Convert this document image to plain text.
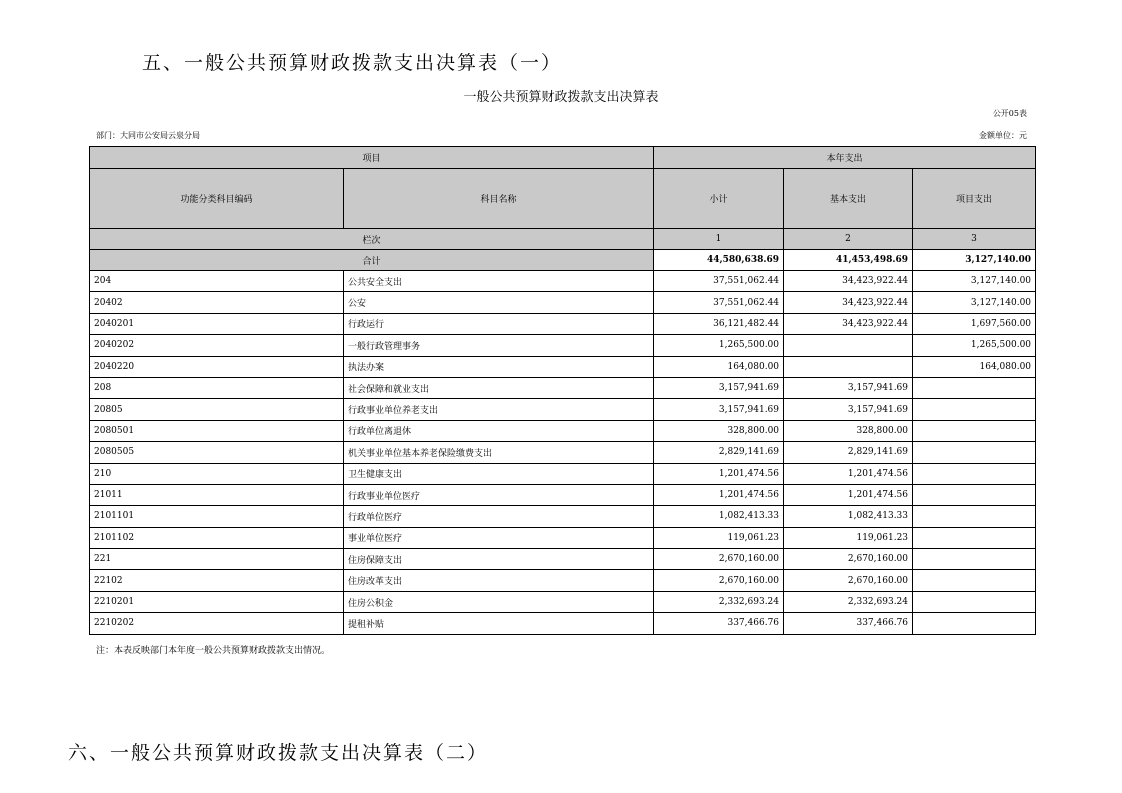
五、一般公共预算财政拨款支出决算表（一）
一般公共预算财政拨款支出决算表
公开05表
部门：大同市公安局云泉分局	金额单位：元
项目		本年支出		
功能分类科目编码	科目名称	小计	基本支出	项目支出
栏次		1	2	3
合计		44,580,638.69	41,453,498.69	3,127,140.00
204	公共安全支出	37,551,062.44	34,423,922.44	3,127,140.00
20402	公安	37,551,062.44	34,423,922.44	3,127,140.00
2040201	行政运行	36,121,482.44	34,423,922.44	1,697,560.00
2040202	一般行政管理事务	1,265,500.00		1,265,500.00
2040220	执法办案	164,080.00		164,080.00
208	社会保障和就业支出	3,157,941.69	3,157,941.69	
20805	行政事业单位养老支出	3,157,941.69	3,157,941.69	
2080501	行政单位离退休	328,800.00	328,800.00	
2080505	机关事业单位基本养老保险缴费支出	2,829,141.69	2,829,141.69	
210	卫生健康支出	1,201,474.56	1,201,474.56	
21011	行政事业单位医疗	1,201,474.56	1,201,474.56	
2101101	行政单位医疗	1,082,413.33	1,082,413.33	
2101102	事业单位医疗	119,061.23	119,061.23	
221	住房保障支出	2,670,160.00	2,670,160.00	
22102	住房改革支出	2,670,160.00	2,670,160.00	
2210201	住房公积金	2,332,693.24	2,332,693.24	
2210202	提租补贴	337,466.76	337,466.76	
注：本表反映部门本年度一般公共预算财政拨款支出情况。
六、一般公共预算财政拨款支出决算表（二）
